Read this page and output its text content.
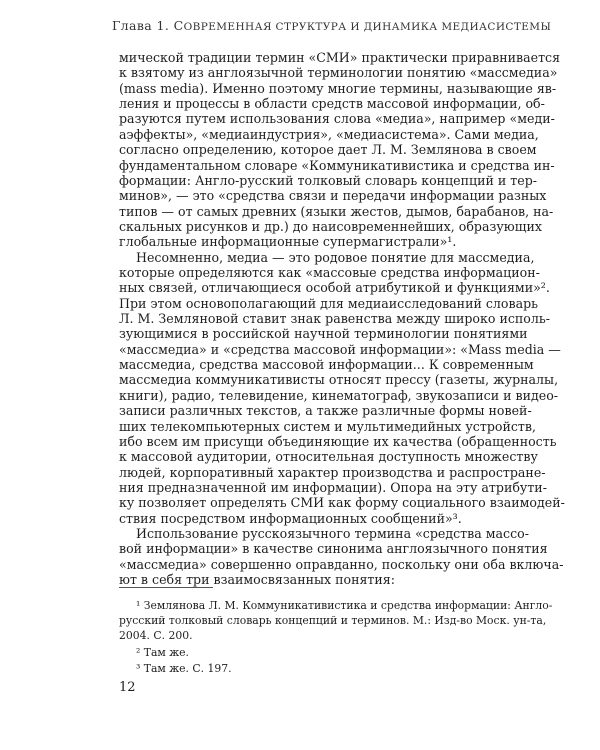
Глава 1. СОВРЕМЕННАЯ СТРУКТУРА И ДИНАМИКА МЕДИАСИСТЕМЫ
мической традиции термин «СМИ» практически приравнивается
к взятому из англоязычной терминологии понятию «массмедиа»
(mass media). Именно поэтому многие термины, называющие яв-
ления и процессы в области средств массовой информации, об-
разуются путем использования слова «медиа», например «меди-
аэффекты», «медиаиндустрия», «медиасистема». Сами медиа,
согласно определению, которое дает Л. М. Землянова в своем
фундаментальном словаре «Коммуникативистика и средства ин-
формации: Англо-русский толковый словарь концепций и тер-
минов», — это «средства связи и передачи информации разных
типов — от самых древних (языки жестов, дымов, барабанов, на-
скальных рисунков и др.) до наисовременнейших, образующих
глобальные информационные супермагистрали»¹.
Несомненно, медиа — это родовое понятие для массмедиа,
которые определяются как «массовые средства информацион-
ных связей, отличающиеся особой атрибутикой и функциями»².
При этом основополагающий для медиаисследований словарь
Л. М. Земляновой ставит знак равенства между широко исполь-
зующимися в российской научной терминологии понятиями
«массмедиа» и «средства массовой информации»: «Mass media —
массмедиа, средства массовой информации... К современным
массмедиа коммуникативисты относят прессу (газеты, журналы,
книги), радио, телевидение, кинематограф, звукозаписи и видео-
записи различных текстов, а также различные формы новей-
ших телекомпьютерных систем и мультимедийных устройств,
ибо всем им присущи объединяющие их качества (обращенность
к массовой аудитории, относительная доступность множеству
людей, корпоративный характер производства и распростране-
ния предназначенной им информации). Опора на эту атрибути-
ку позволяет определять СМИ как форму социального взаимодей-
ствия посредством информационных сообщений»³.
Использование русскоязычного термина «средства массо-
вой информации» в качестве синонима англоязычного понятия
«массмедиа» совершенно оправданно, поскольку они оба включа-
ют в себя три взаимосвязанных понятия:
12
¹ Землянова Л. М. Коммуникативистика и средства информации: Англо-
русский толковый словарь концепций и терминов. М.: Изд-во Моск. ун-та,
2004. С. 200.
² Там же.
³ Там же. С. 197.
